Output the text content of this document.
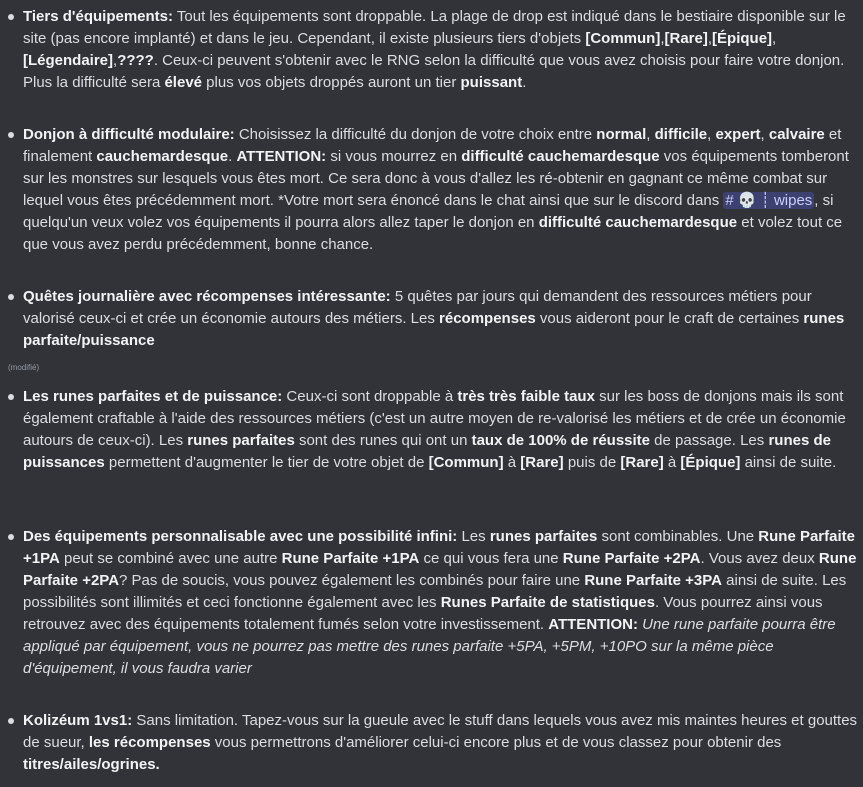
Tiers d'équipements: Tout les équipements sont droppable. La plage de drop est indiqué dans le bestiaire disponible sur le site (pas encore implanté) et dans le jeu. Cependant, il existe plusieurs tiers d'objets [Commun],[Rare],[Épique], [Légendaire],????. Ceux-ci peuvent s'obtenir avec le RNG selon la difficulté que vous avez choisis pour faire votre donjon. Plus la difficulté sera élevé plus vos objets droppés auront un tier puissant.
Donjon à difficulté modulaire: Choisissez la difficulté du donjon de votre choix entre normal, difficile, expert, calvaire et finalement cauchemardesque. ATTENTION: si vous mourrez en difficulté cauchemardesque vos équipements tomberont sur les monstres sur lesquels vous êtes mort. Ce sera donc à vous d'allez les ré-obtenir en gagnant ce même combat sur lequel vous êtes précédemment mort. *Votre mort sera énoncé dans le chat ainsi que sur le discord dans # 💀 ┊ wipes , si quelqu'un veux volez vos équipements il pourra alors allez taper le donjon en difficulté cauchemardesque et volez tout ce que vous avez perdu précédemment, bonne chance.
Quêtes journalière avec récompenses intéressante: 5 quêtes par jours qui demandent des ressources métiers pour valorisé ceux-ci et crée un économie autours des métiers. Les récompenses vous aideront pour le craft de certaines runes parfaite/puissance
Les runes parfaites et de puissance: Ceux-ci sont droppable à très très faible taux sur les boss de donjons mais ils sont également craftable à l'aide des ressources métiers (c'est un autre moyen de re-valorisé les métiers et de crée un économie autours de ceux-ci). Les runes parfaites sont des runes qui ont un taux de 100% de réussite de passage. Les runes de puissances permettent d'augmenter le tier de votre objet de [Commun] à [Rare] puis de [Rare] à [Épique] ainsi de suite.
Des équipements personnalisable avec une possibilité infini: Les runes parfaites sont combinables. Une Rune Parfaite +1PA peut se combiné avec une autre Rune Parfaite +1PA ce qui vous fera une Rune Parfaite +2PA. Vous avez deux Rune Parfaite +2PA? Pas de soucis, vous pouvez également les combinés pour faire une Rune Parfaite +3PA ainsi de suite. Les possibilités sont illimités et ceci fonctionne également avec les Runes Parfaite de statistiques. Vous pourrez ainsi vous retrouvez avec des équipements totalement fumés selon votre investissement. ATTENTION: Une rune parfaite pourra être appliqué par équipement, vous ne pourrez pas mettre des runes parfaite +5PA, +5PM, +10PO sur la même pièce d'équipement, il vous faudra varier
Kolizéum 1vs1: Sans limitation. Tapez-vous sur la gueule avec le stuff dans lequels vous avez mis maintes heures et gouttes de sueur, les récompenses vous permettrons d'améliorer celui-ci encore plus et de vous classez pour obtenir des titres/ailes/ogrines.
(modifié)
